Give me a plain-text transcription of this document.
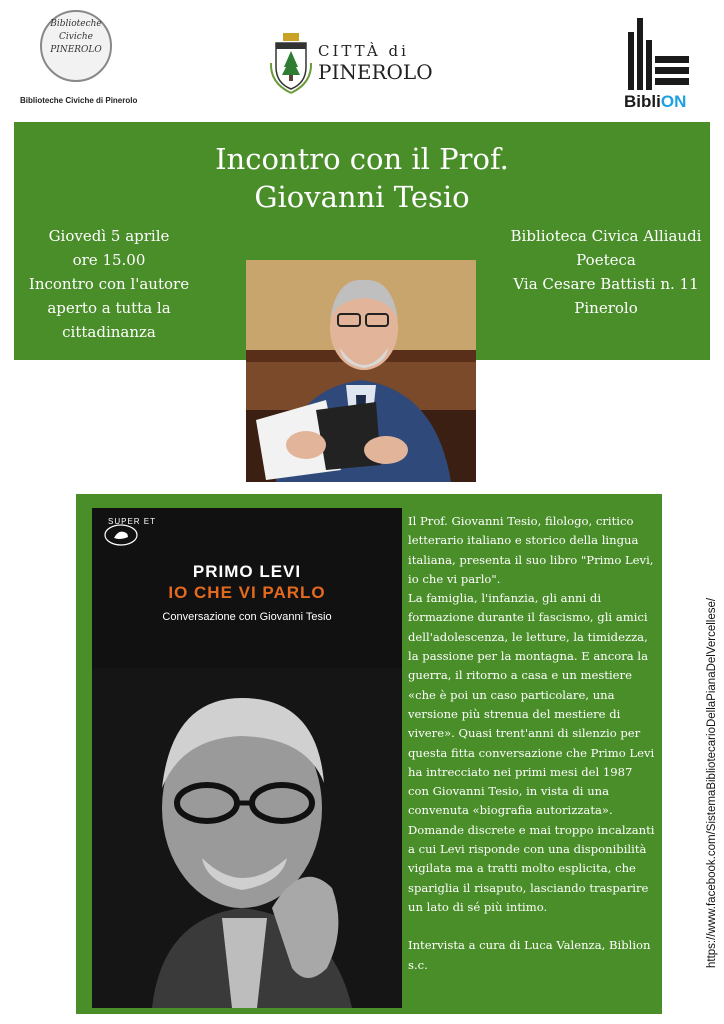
Biblioteche
Civiche
PINEROLO
Biblioteche Civiche di Pinerolo
CITTÀ di
PINEROLO
BibliON
Incontro con il Prof.
Giovanni Tesio
Giovedì 5 aprile
ore 15.00
Incontro con l'autore
aperto a tutta la
cittadinanza
Biblioteca Civica Alliaudi
Poeteca
Via Cesare Battisti n. 11
Pinerolo
SUPER ET
PRIMO LEVI
IO CHE VI PARLO
Conversazione con Giovanni Tesio

Il Prof. Giovanni Tesio, filologo, critico letterario italiano e storico della lingua italiana, presenta il suo libro "Primo Levi, io che vi parlo".

La famiglia, l'infanzia, gli anni di formazione durante il fascismo, gli amici dell'adolescenza, le letture, la timidezza, la passione per la montagna. E ancora la guerra, il ritorno a casa e un mestiere «che è poi un caso particolare, una versione più strenua del mestiere di vivere». Quasi trent'anni di silenzio per questa fitta conversazione che Primo Levi ha intrecciato nei primi mesi del 1987 con Giovanni Tesio, in vista di una convenuta «biografia autorizzata». Domande discrete e mai troppo incalzanti a cui Levi risponde con una disponibilità vigilata ma a tratti molto esplicita, che spariglia il risaputo, lasciando trasparire un lato di sé più intimo.

Intervista a cura di Luca Valenza, Biblion s.c.	https://www.facebook.com/SistemaBibliotecarioDellaPianaDelVercellese/
